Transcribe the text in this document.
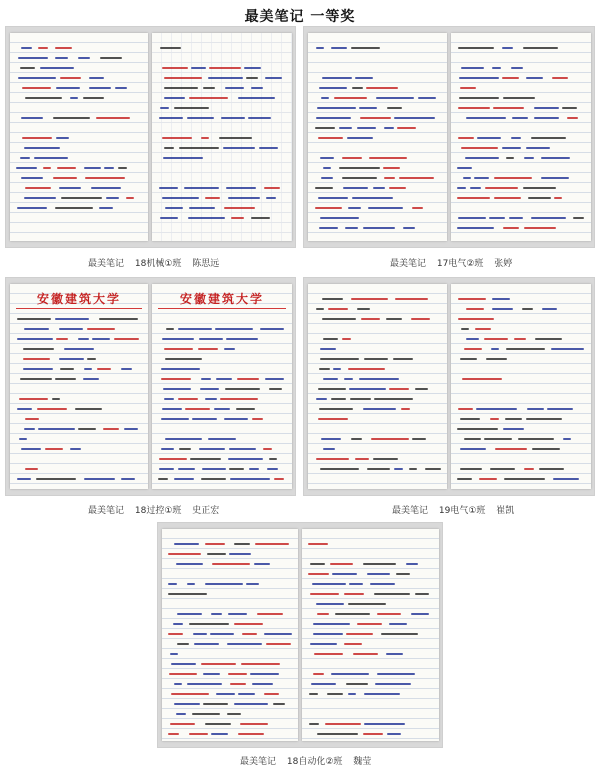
最美笔记 一等奖
最美笔记 18机械①班 陈思远	最美笔记 17电气②班 张婷
安徽建筑大学	安徽建筑大学
最美笔记 18过控①班 史正宏	最美笔记 19电气①班 崔凯
最美笔记 18自动化②班 魏莹
